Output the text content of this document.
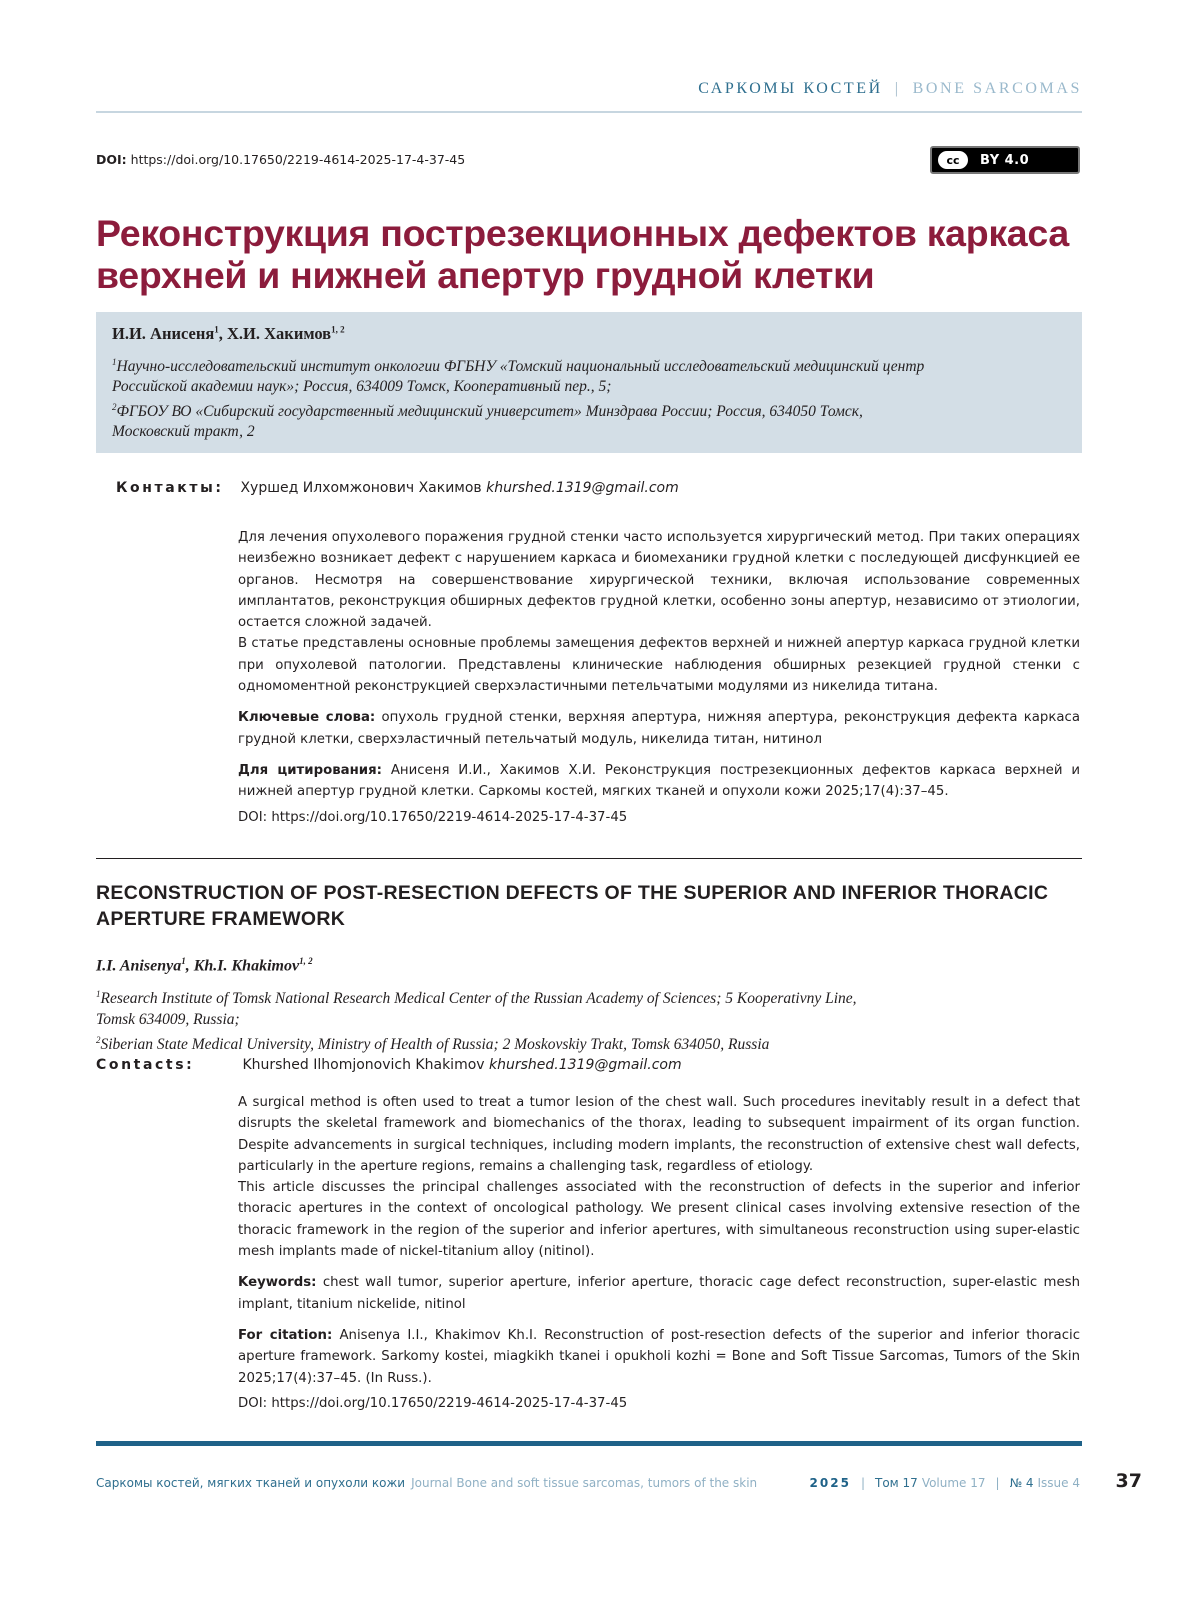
САРКОМЫ КОСТЕЙ | BONE SARCOMAS
DOI: https://doi.org/10.17650/2219-4614-2025-17-4-37-45	cc	BY 4.0
Реконструкция пострезекционных дефектов каркаса верхней и нижней апертур грудной клетки
И.И. Анисеня$^1$, Х.И. Хакимов$^{1, 2}$
$^1$Научно-исследовательский институт онкологии ФГБНУ «Томский национальный исследовательский медицинский центр
Российской академии наук»; Россия, 634009 Томск, Кооперативный пер., 5;
$^2$ФГБОУ ВО «Сибирский государственный медицинский университет» Минздрава России; Россия, 634050 Томск,
Московский тракт, 2
Контакты: Хуршед Илхомжонович Хакимов khurshed.1319@gmail.com

Для лечения опухолевого поражения грудной стенки часто используется хирургический метод. При таких операциях неизбежно возникает дефект с нарушением каркаса и биомеханики грудной клетки с последующей дисфункцией ее органов. Несмотря на совершенствование хирургической техники, включая использование современных имплантатов, реконструкция обширных дефектов грудной клетки, особенно зоны апертур, независимо от этиологии, остается сложной задачей.

В статье представлены основные проблемы замещения дефектов верхней и нижней апертур каркаса грудной клетки при опухолевой патологии. Представлены клинические наблюдения обширных резекцией грудной стенки с одномоментной реконструкцией сверхэластичными петельчатыми модулями из никелида титана.

Ключевые слова: опухоль грудной стенки, верхняя апертура, нижняя апертура, реконструкция дефекта каркаса грудной клетки, сверхэластичный петельчатый модуль, никелида титан, нитинол

Для цитирования: Анисеня И.И., Хакимов Х.И. Реконструкция пострезекционных дефектов каркаса верхней и нижней апертур грудной клетки. Саркомы костей, мягких тканей и опухоли кожи 2025;17(4):37–45.

DOI: https://doi.org/10.17650/2219-4614-2025-17-4-37-45

RECONSTRUCTION OF POST-RESECTION DEFECTS OF THE SUPERIOR AND INFERIOR THORACIC APERTURE FRAMEWORK
I.I. Anisenya$^1$, Kh.I. Khakimov$^{1, 2}$
$^1$Research Institute of Tomsk National Research Medical Center of the Russian Academy of Sciences; 5 Kooperativny Line,
Tomsk 634009, Russia;
$^2$Siberian State Medical University, Ministry of Health of Russia; 2 Moskovskiy Trakt, Tomsk 634050, Russia
Contacts:	Khurshed Ilhomjonovich Khakimov khurshed.1319@gmail.com

A surgical method is often used to treat a tumor lesion of the chest wall. Such procedures inevitably result in a defect that disrupts the skeletal framework and biomechanics of the thorax, leading to subsequent impairment of its organ function. Despite advancements in surgical techniques, including modern implants, the reconstruction of extensive chest wall defects, particularly in the aperture regions, remains a challenging task, regardless of etiology.

This article discusses the principal challenges associated with the reconstruction of defects in the superior and inferior thoracic apertures in the context of oncological pathology. We present clinical cases involving extensive resection of the thoracic framework in the region of the superior and inferior apertures, with simultaneous reconstruction using super-elastic mesh implants made of nickel-titanium alloy (nitinol).

Keywords: chest wall tumor, superior aperture, inferior aperture, thoracic cage defect reconstruction, super-elastic mesh implant, titanium nickelide, nitinol

For citation: Anisenya I.I., Khakimov Kh.I. Reconstruction of post-resection defects of the superior and inferior thoracic aperture framework. Sarkomy kostei, miagkikh tkanei i opukholi kozhi = Bone and Soft Tissue Sarcomas, Tumors of the Skin 2025;17(4):37–45. (In Russ.).

DOI: https://doi.org/10.17650/2219-4614-2025-17-4-37-45

Саркомы костей, мягких тканей и опухоли кожи Journal Bone and soft tissue sarcomas, tumors of the skin	2025 | Том 17 Volume 17 | № 4 Issue 4 37
